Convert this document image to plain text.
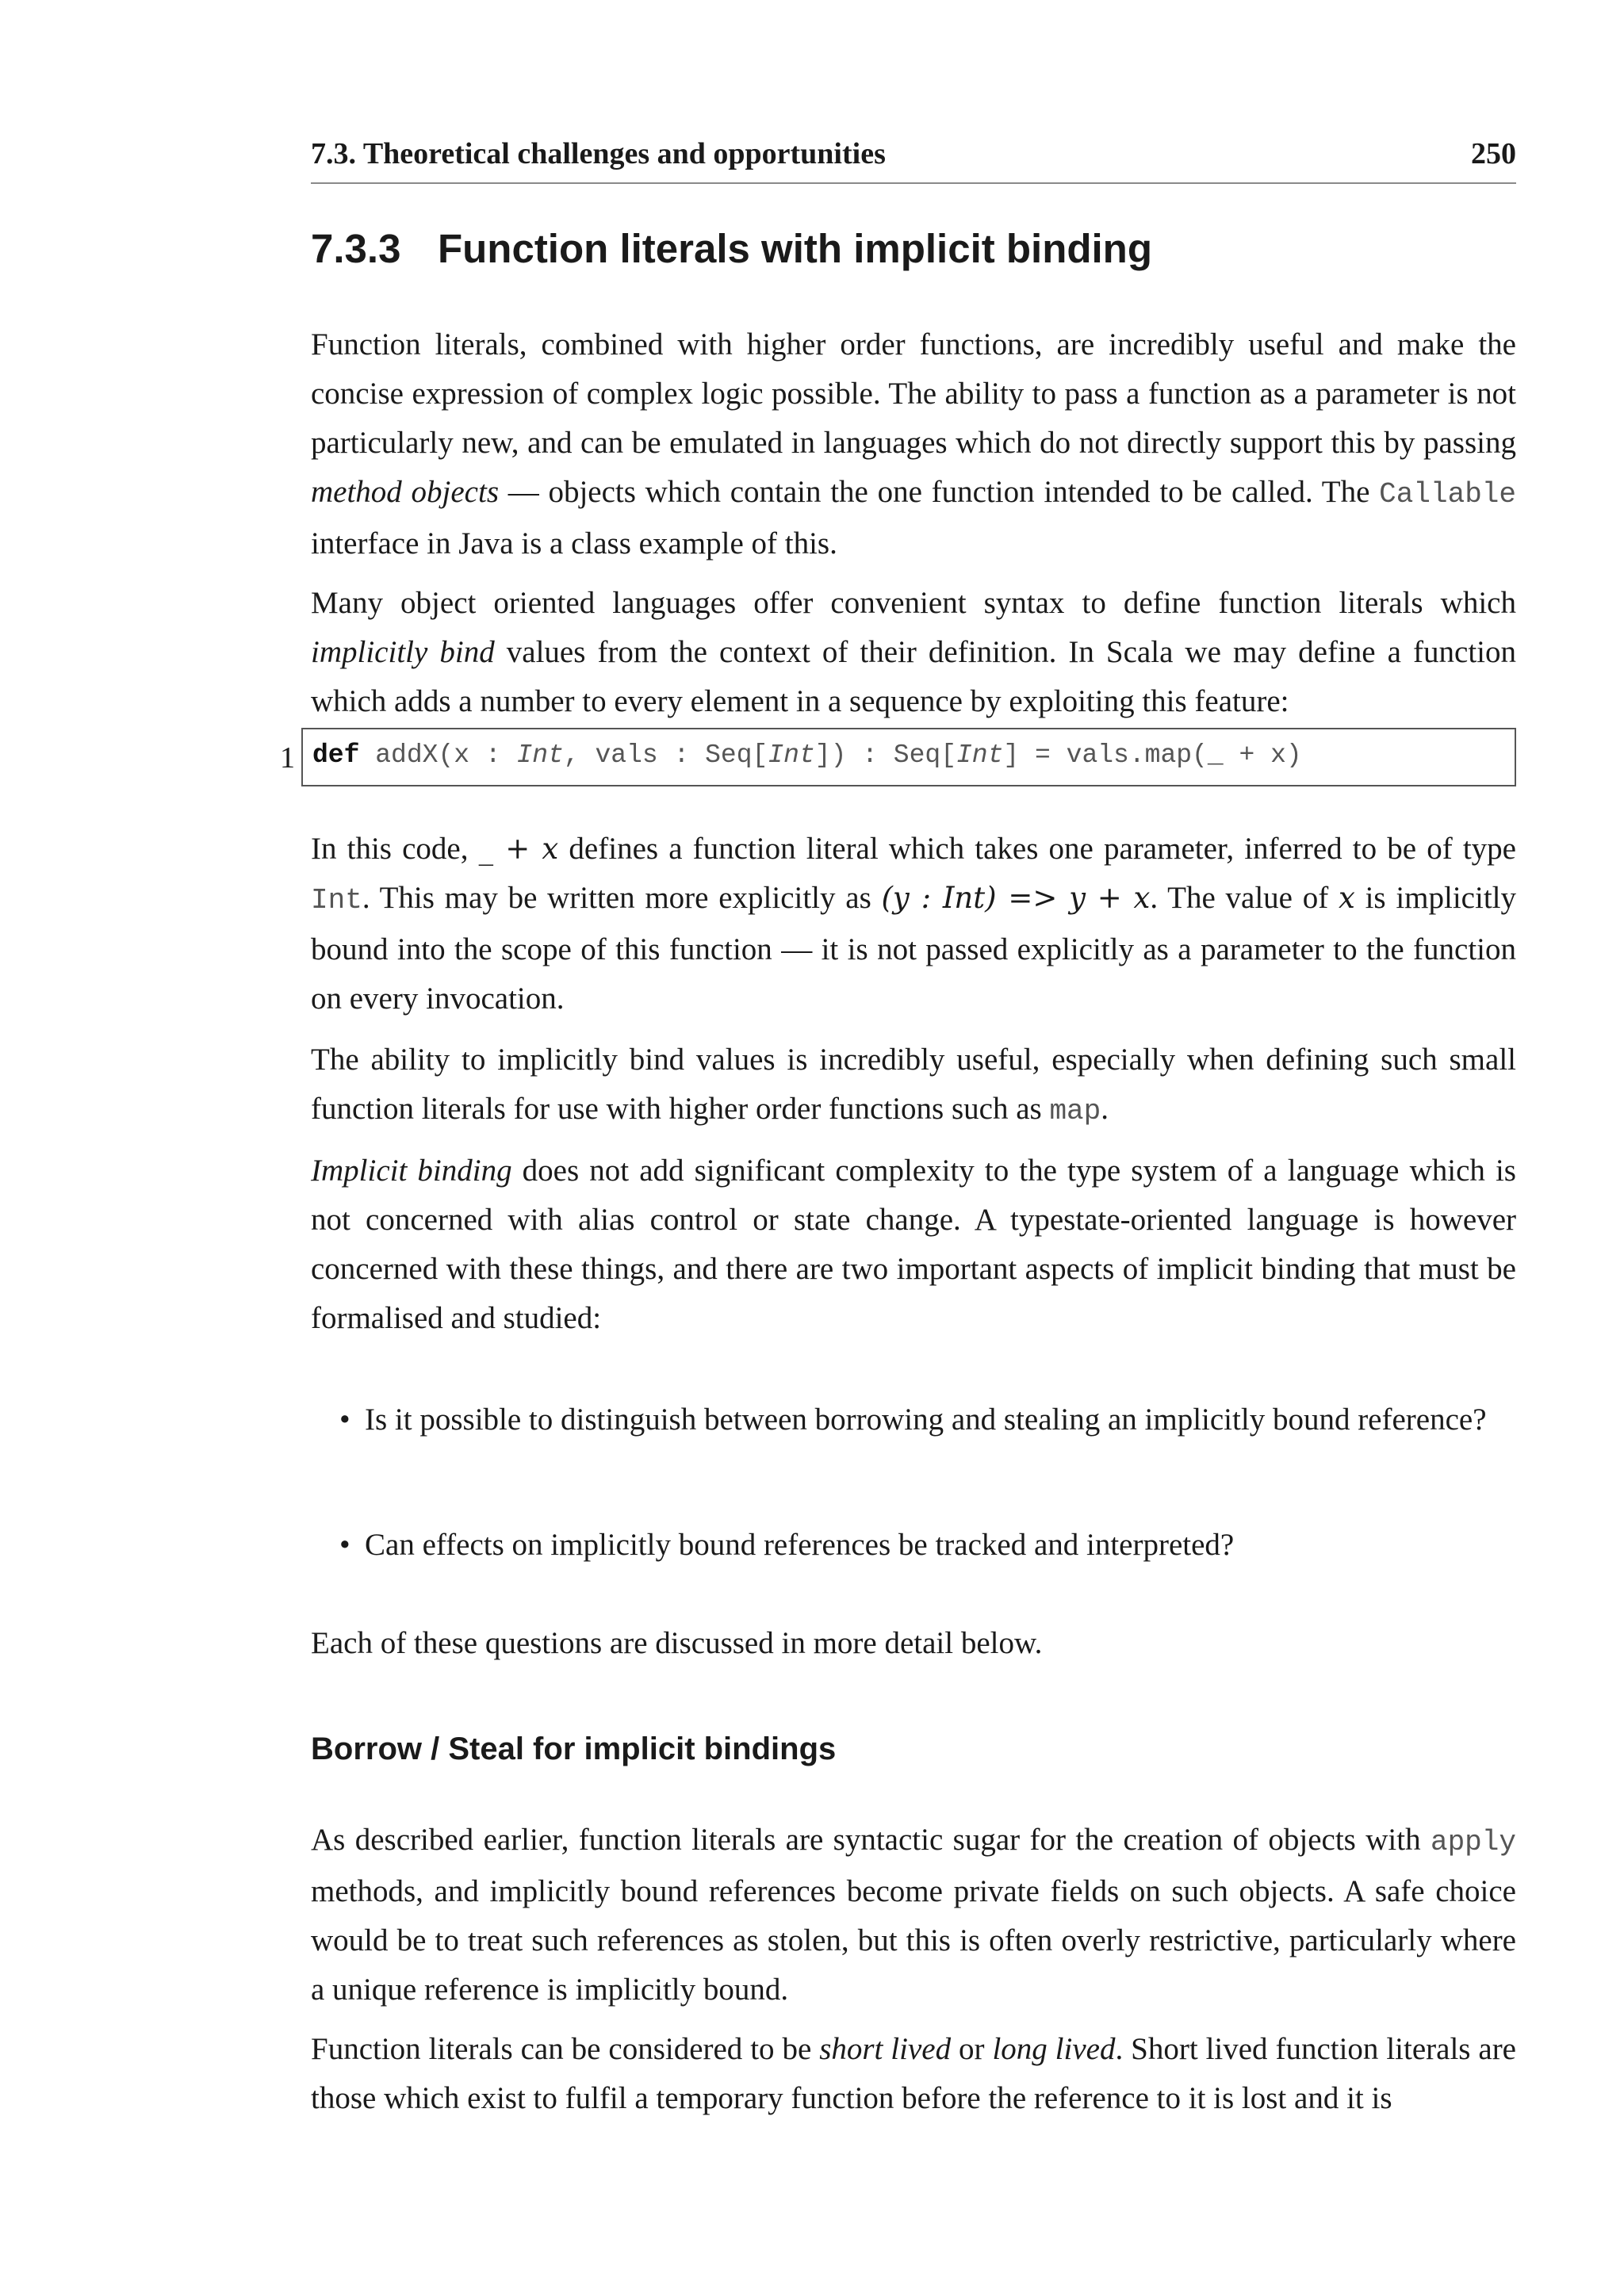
7.3. Theoretical challenges and opportunities	250
7.3.3 Function literals with implicit binding

Function literals, combined with higher order functions, are incredibly useful and make the concise expression of complex logic possible. The ability to pass a function as a parameter is not particularly new, and can be emulated in languages which do not directly support this by passing method objects — objects which contain the one function intended to be called. The Callable interface in Java is a class example of this.

Many object oriented languages offer convenient syntax to define function literals which implicitly bind values from the context of their definition. In Scala we may define a function which adds a number to every element in a sequence by exploiting this feature:

1 def addX(x : Int, vals : Seq[Int]) : Seq[Int] = vals.map(_ + x)

In this code, _ + x defines a function literal which takes one parameter, inferred to be of type Int. This may be written more explicitly as (y : Int) => y + x. The value of x is implicitly bound into the scope of this function — it is not passed explicitly as a parameter to the function on every invocation.

The ability to implicitly bind values is incredibly useful, especially when defining such small function literals for use with higher order functions such as map.

Implicit binding does not add significant complexity to the type system of a language which is not concerned with alias control or state change. A typestate-oriented language is however concerned with these things, and there are two important aspects of implicit binding that must be formalised and studied:

• Is it possible to distinguish between borrowing and stealing an implicitly bound reference?
• Can effects on implicitly bound references be tracked and interpreted?

Each of these questions are discussed in more detail below.

Borrow / Steal for implicit bindings

As described earlier, function literals are syntactic sugar for the creation of objects with apply methods, and implicitly bound references become private fields on such objects. A safe choice would be to treat such references as stolen, but this is often overly restrictive, particularly where a unique reference is implicitly bound.

Function literals can be considered to be short lived or long lived. Short lived function literals are those which exist to fulfil a temporary function before the reference to it is lost and it is
